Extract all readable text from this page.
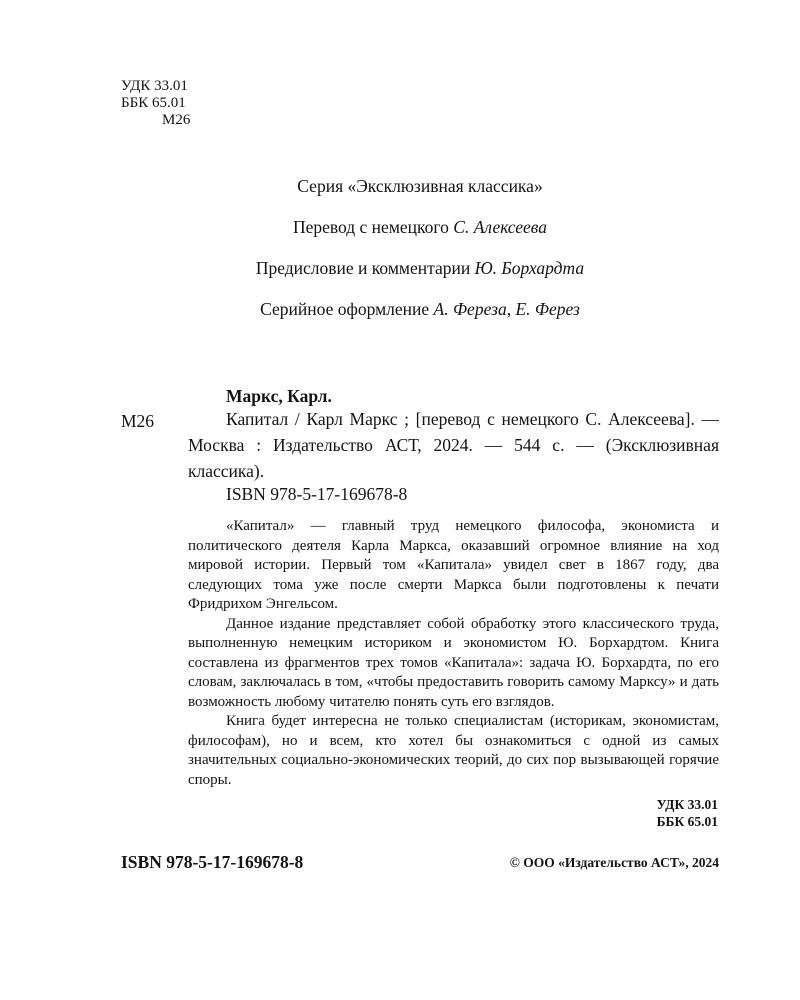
УДК 33.01
ББК 65.01
М26
Серия «Эксклюзивная классика»
Перевод с немецкого С. Алексеева
Предисловие и комментарии Ю. Борхардта
Серийное оформление А. Фереза, Е. Ферез
Маркс, Карл.
М26	Капитал / Карл Маркс ; [перевод с немецкого С. Алексеева]. — Москва : Издательство АСТ, 2024. — 544 с. — (Эксклюзивная классика).
ISBN 978-5-17-169678-8

«Капитал» — главный труд немецкого философа, экономиста и политического деятеля Карла Маркса, оказавший огромное влияние на ход мировой истории. Первый том «Капитала» увидел свет в 1867 году, два следующих тома уже после смерти Маркса были подготовлены к печати Фридрихом Энгельсом.

Данное издание представляет собой обработку этого классического труда, выполненную немецким историком и экономистом Ю. Борхардтом. Книга составлена из фрагментов трех томов «Капитала»: задача Ю. Борхардта, по его словам, заключалась в том, «чтобы предоставить говорить самому Марксу» и дать возможность любому читателю понять суть его взглядов.

Книга будет интересна не только специалистам (историкам, экономистам, философам), но и всем, кто хотел бы ознакомиться с одной из самых значительных социально-экономических теорий, до сих пор вызывающей горячие споры.

УДК 33.01
ББК 65.01
ISBN 978-5-17-169678-8	© ООО «Издательство АСТ», 2024
